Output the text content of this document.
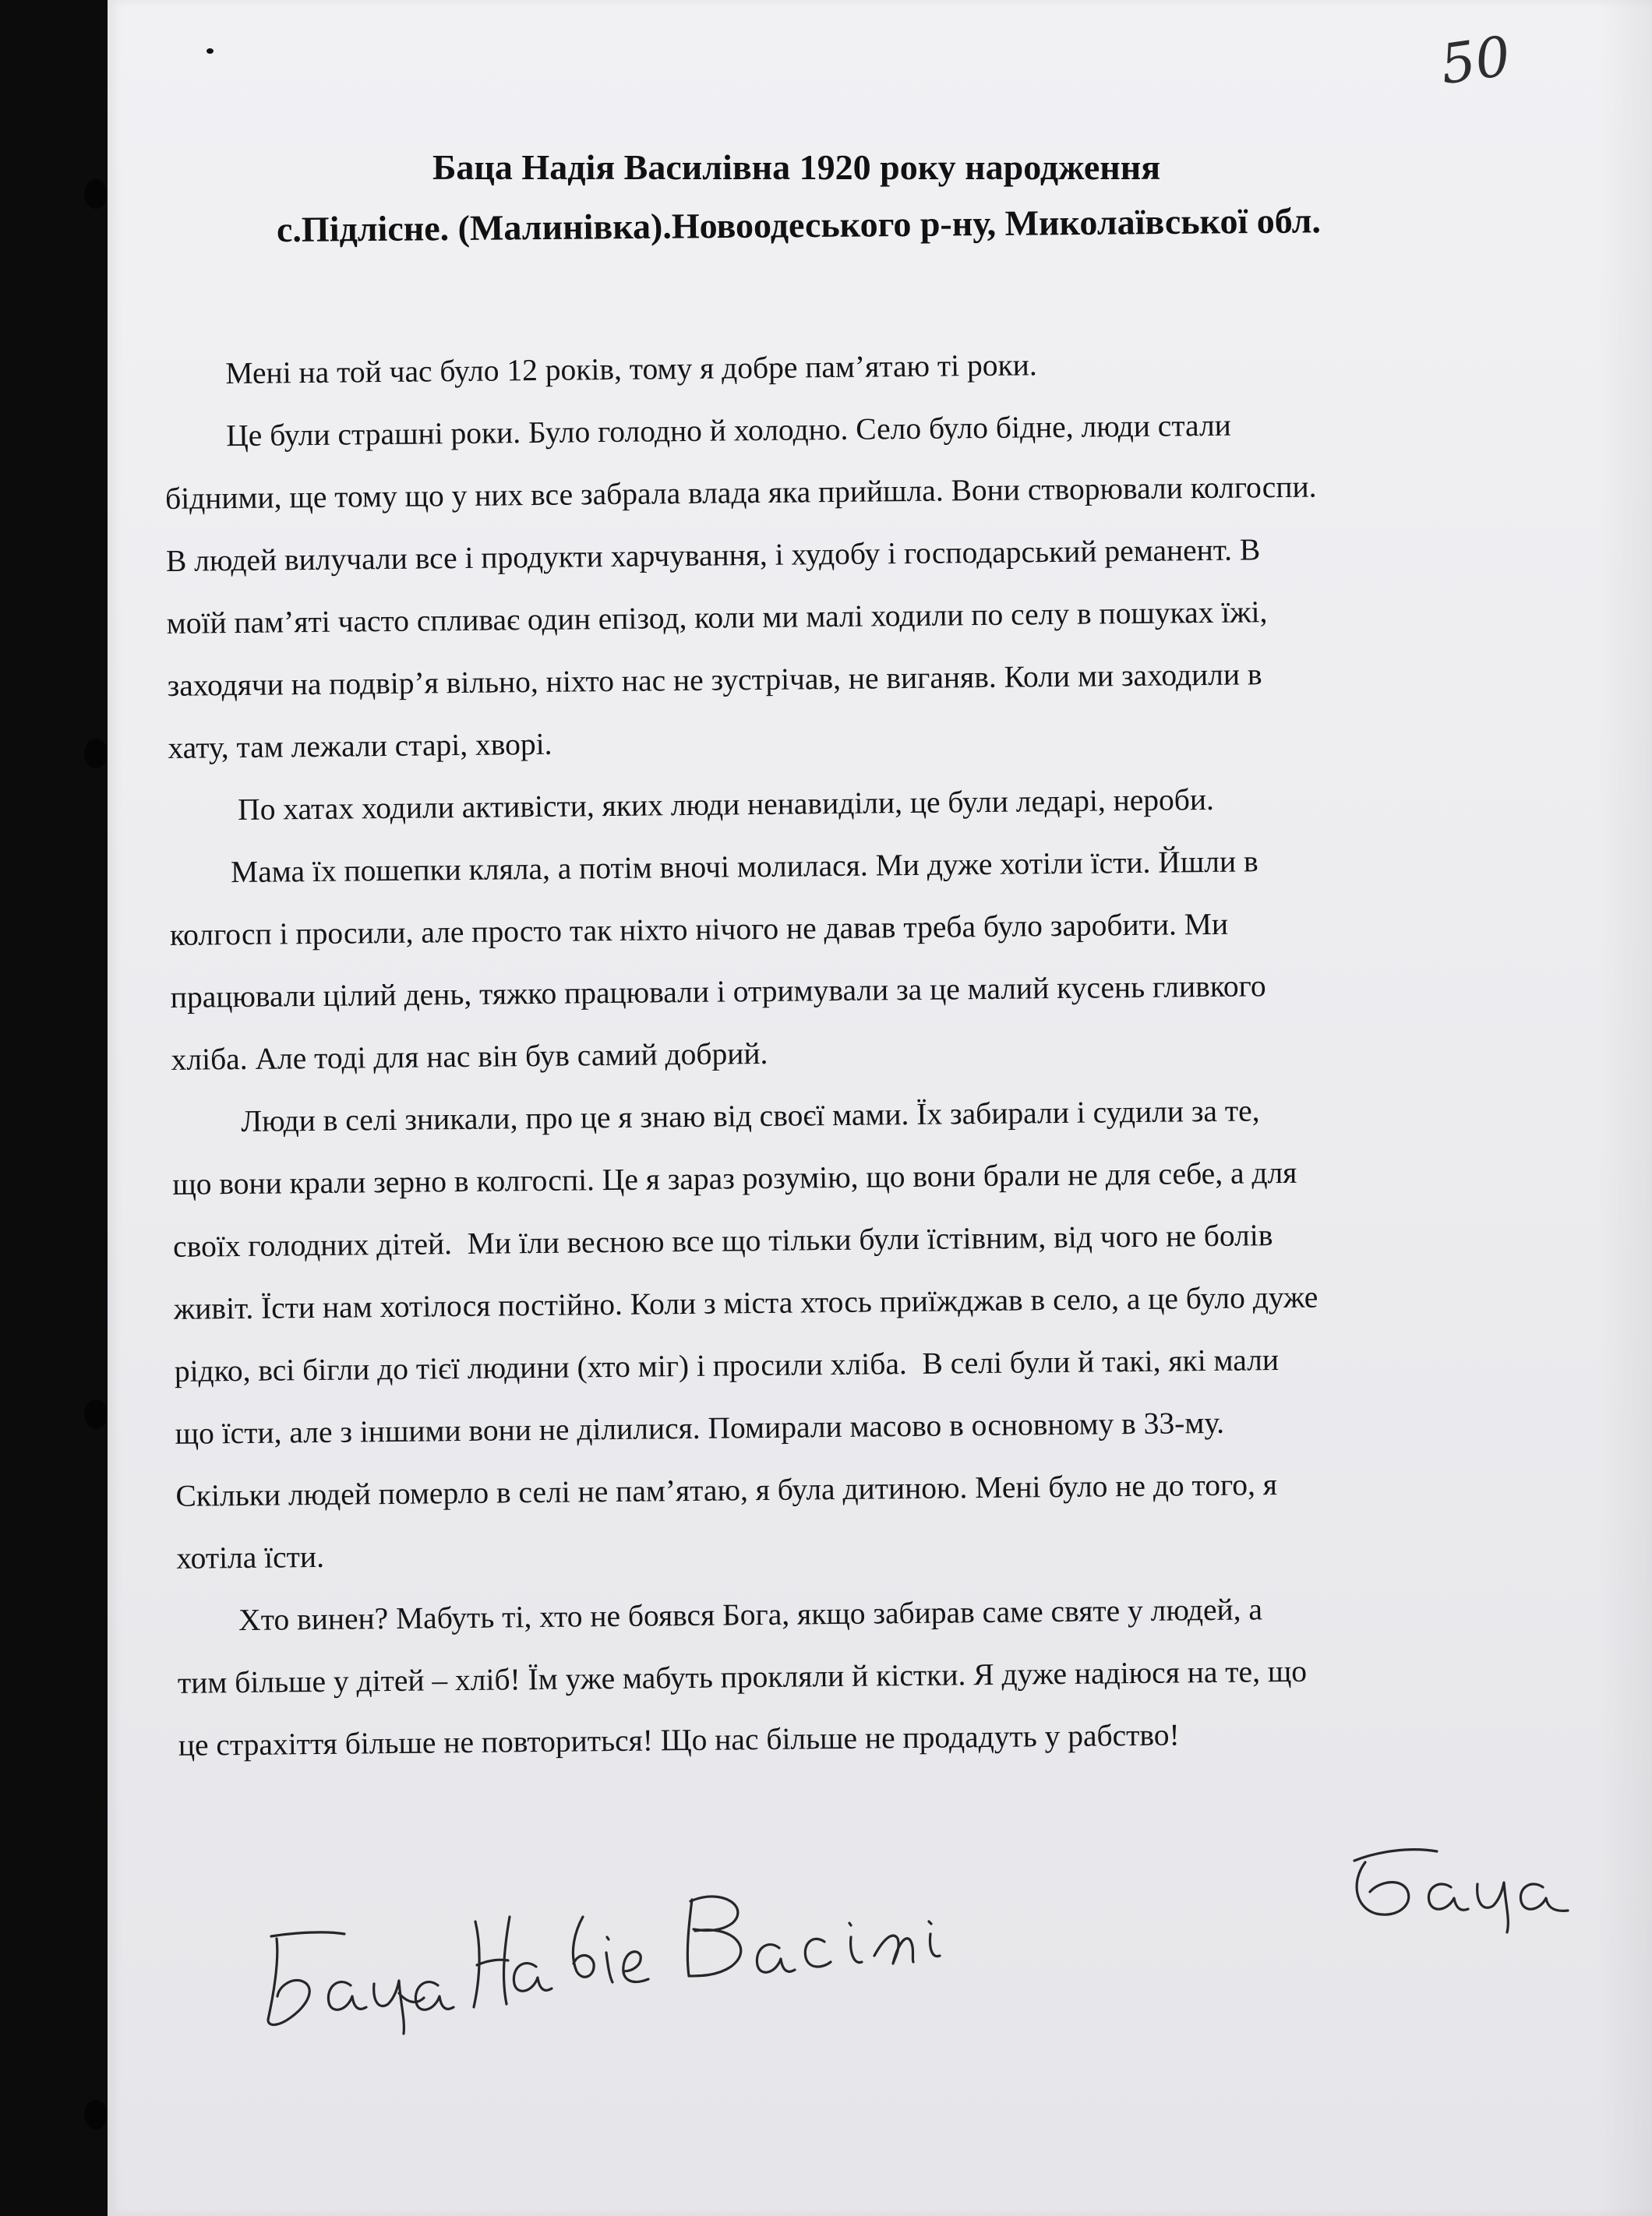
50
Баца Надія Василівна 1920 року народження
с.Підлісне. (Малинівка).Новоодеського р-ну, Миколаївської обл.
Мені на той час було 12 років, тому я добре пам’ятаю ті роки.
Це були страшні роки. Було голодно й холодно. Село було бідне, люди стали
бідними, ще тому що у них все забрала влада яка прийшла. Вони створювали колгоспи.
В людей вилучали все і продукти харчування, і худобу і господарський реманент. В
моїй пам’яті часто спливає один епізод, коли ми малі ходили по селу в пошуках їжі,
заходячи на подвір’я вільно, ніхто нас не зустрічав, не виганяв. Коли ми заходили в
хату, там лежали старі, хворі.
По хатах ходили активісти, яких люди ненавиділи, це були ледарі, нероби.
Мама їх пошепки кляла, а потім вночі молилася. Ми дуже хотіли їсти. Йшли в
колгосп і просили, але просто так ніхто нічого не давав треба було заробити. Ми
працювали цілий день, тяжко працювали і отримували за це малий кусень гливкого
хліба. Але тоді для нас він був самий добрий.
Люди в селі зникали, про це я знаю від своєї мами. Їх забирали і судили за те,
що вони крали зерно в колгоспі. Це я зараз розумію, що вони брали не для себе, а для
своїх голодних дітей.  Ми їли весною все що тільки були їстівним, від чого не болів
живіт. Їсти нам хотілося постійно. Коли з міста хтось приїжджав в село, а це було дуже
рідко, всі бігли до тієї людини (хто міг) і просили хліба.  В селі були й такі, які мали
що їсти, але з іншими вони не ділилися. Помирали масово в основному в 33-му.
Скільки людей померло в селі не пам’ятаю, я була дитиною. Мені було не до того, я
хотіла їсти.
Хто винен? Мабуть ті, хто не боявся Бога, якщо забирав саме святе у людей, а
тим більше у дітей – хліб! Їм уже мабуть прокляли й кістки. Я дуже надіюся на те, що
це страхіття більше не повториться! Що нас більше не продадуть у рабство!
